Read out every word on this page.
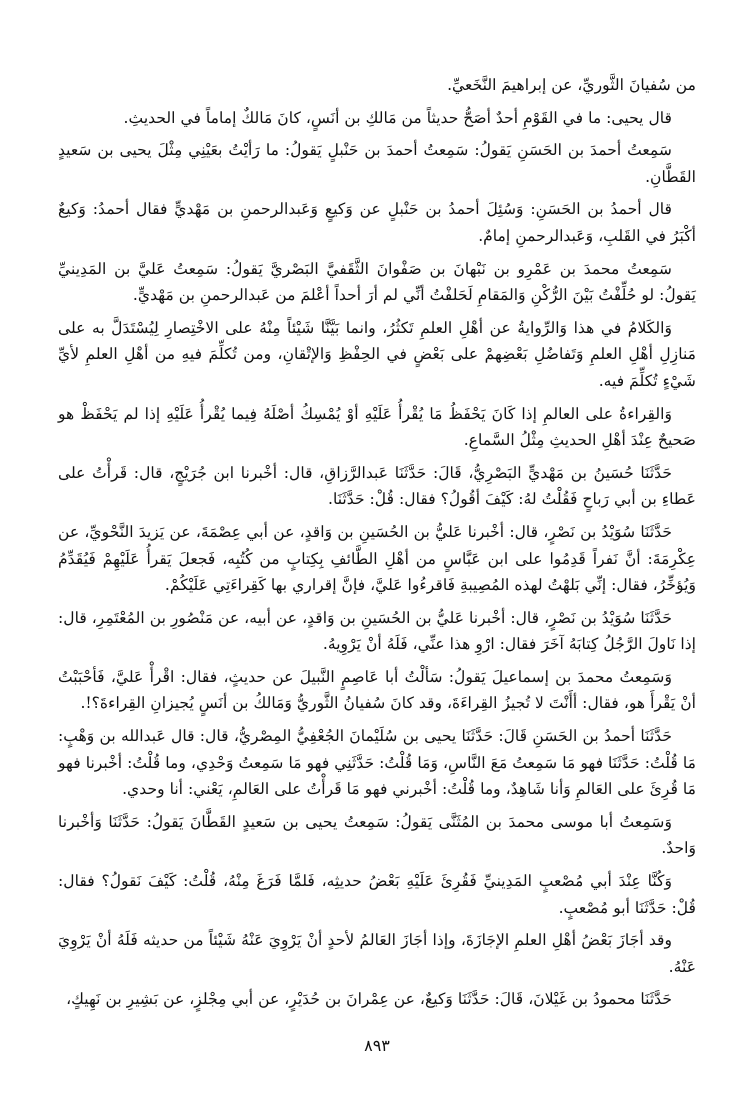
من سُفيانَ الثَّوريِّ، عن إبراهيمَ النَّخَعيِّ.

قال يحيى: ما في القَوْمِ أحدٌ أصَحُّ حديثاً من مَالكِ بن أنَسٍ، كانَ مَالكٌ إماماً في الحديثِ.

سَمِعتُ أحمدَ بن الحَسَنِ يَقولُ: سَمِعتُ أحمدَ بن حَنْبلٍ يَقولُ: ما رَأيْتُ بعَيْنِي مِثْلَ يحيى بن سَعيدٍ القَطَّانِ.

قال أحمدُ بن الحَسَنِ: وَسُئِلَ أحمدُ بن حَنْبلٍ عن وَكيعٍ وَعَبدالرحمنِ بن مَهْديٍّ فقال أحمدُ: وَكيعٌ أكْبَرُ في القَلبِ، وَعَبدالرحمنِ إمامٌ.

سَمِعتُ محمدَ بن عَمْرِو بن نَبْهانَ بن صَفْوانَ الثَّقَفيَّ البَصْريَّ يَقولُ: سَمِعتُ عَليَّ بن المَدِينيِّ يَقولُ: لو حُلِّفْتُ بَيْنَ الرُّكْنِ وَالمَقامِ لَحَلفْتُ أنِّي لم أرَ أحداً أعْلمَ من عَبدالرحمنِ بن مَهْديٍّ.

وَالكَلامُ في هذا وَالرِّوايةُ عن أهْلِ العلمِ تَكثُرُ، وانما بَيَّنَّا شَيْئاً مِنْهُ على الاخْتِصارِ لِيُسْتَدَلَّ به على مَنازِلِ أهْلِ العلمِ وَتَفاضُلِ بَعْضِهمْ على بَعْضٍ في الحِفْظِ وَالإتْقانِ، ومن تُكلِّمَ فيهِ من أهْلِ العلمِ لأيِّ شَيْءٍ تُكلِّمَ فيه.

وَالقِراءةُ على العالمِ إذا كَانَ يَحْفَظُ مَا يُقْرأُ عَلَيْهِ أوْ يُمْسِكُ أصْلَهُ فِيما يُقْرأُ عَلَيْهِ إذا لم يَحْفَظْ هو صَحيحٌ عِنْدَ أهْلِ الحديثِ مِثْلُ السَّماعِ.

حَدَّثَنَا حُسَينُ بن مَهْديٍّ البَصْرِيُّ، قَالَ: حَدَّثَنَا عَبدالرَّزاقِ، قال: أخْبرنا ابن جُرَيْجٍ، قال: قَرأْتُ على عَطاءِ بن أبي رَباحٍ فَقُلْتُ لهُ: كَيْفَ أقُولُ؟ فقال: قُلْ: حَدَّثَنَا.

حَدَّثَنَا سُوَيْدُ بن نَصْرٍ، قال: أخْبرنا عَليُّ بن الحُسَينِ بن وَاقدٍ، عن أبي عِصْمَةَ، عن يَزيدَ النَّحْويِّ، عن عِكْرِمَةَ: أنَّ نَفراً قَدِمُوا على ابن عَبَّاسٍ من أهْلِ الطَّائفِ بِكِتابٍ من كُتُبِه، فَجعلَ يَقرأُ عَلَيْهِمْ فَيُقَدِّمُ وَيُؤخِّرُ، فقال: إنِّي بَلهْتُ لهذه المُصِيبةِ فَاقرءُوا عَليَّ، فإنَّ إقراري بها كَقِراءَتِي عَلَيْكُمْ.

حَدَّثَنَا سُوَيْدُ بن نَصْرٍ، قال: أخْبرنا عَليُّ بن الحُسَينِ بن وَاقدٍ، عن أبيه، عن مَنْصُورِ بن المُعْتَمِرِ، قال: إذا نَاولَ الرَّجُلُ كِتابَهُ آخَرَ فقال: ارْوِ هذا عنِّي، فَلَهُ أنْ يَرْوِيهُ.

وَسَمِعتُ محمدَ بن إسماعيلَ يَقولُ: سَألْتُ أبا عَاصِمٍ النَّبيلَ عن حديثٍ، فقال: اقْرأْ عَليَّ، فَأحْبَبْتُ أنْ يَقْرأَ هو، فقال: أأَنْتَ لا تُجيزُ القِراءَةَ، وقد كانَ سُفيانُ الثَّوريُّ وَمَالكُ بن أنَسٍ يُجيزانِ القِراءةَ؟!.

حَدَّثَنَا أحمدُ بن الحَسَنِ قَالَ: حَدَّثَنَا يحيى بن سُلَيْمانَ الجُعْفِيُّ المِصْريُّ، قال: قال عَبدالله بن وَهْبٍ: مَا قُلْتُ: حَدَّثَنَا فهو مَا سَمِعتُ مَعَ النَّاسِ، وَمَا قُلْتُ: حَدَّثَنِي فهو مَا سَمِعتُ وَحْدِي، وما قُلْتُ: أخْبرنا فهو مَا قُرِئَ على العَالمِ وَأنا شَاهِدٌ، وما قُلْتُ: أخْبرني فهو مَا قَرأْتُ على العَالمِ، يَعْني: أنا وحدي.

وَسَمِعتُ أبا موسى محمدَ بن المُثَنَّى يَقولُ: سَمِعتُ يحيى بن سَعيدٍ القَطَّانَ يَقولُ: حَدَّثَنَا وَأخْبرنا وَاحدٌ.

وَكُنَّا عِنْدَ أبي مُصْعبٍ المَدِينيِّ فَقُرِئَ عَلَيْهِ بَعْضُ حديثِه، فَلمَّا فَرَغَ مِنْهُ، قُلْتُ: كَيْفَ نَقولُ؟ فقال: قُلْ: حَدَّثَنَا أبو مُصْعبٍ.

وقد أجَازَ بَعْضُ أهْلِ العلمِ الإجَازَةَ، وإذا أجَازَ العَالمُ لأحدٍ أنْ يَرْوِيَ عَنْهُ شَيْئاً من حديثه فَلَهُ أنْ يَرْوِيَ عَنْهُ.

حَدَّثَنَا محمودُ بن غَيْلانَ، قَالَ: حَدَّثَنَا وَكيعٌ، عن عِمْرانَ بن حُدَيْرٍ، عن أبي مِجْلزٍ، عن بَشِيرِ بن نَهِيكٍ،

٨٩٣
